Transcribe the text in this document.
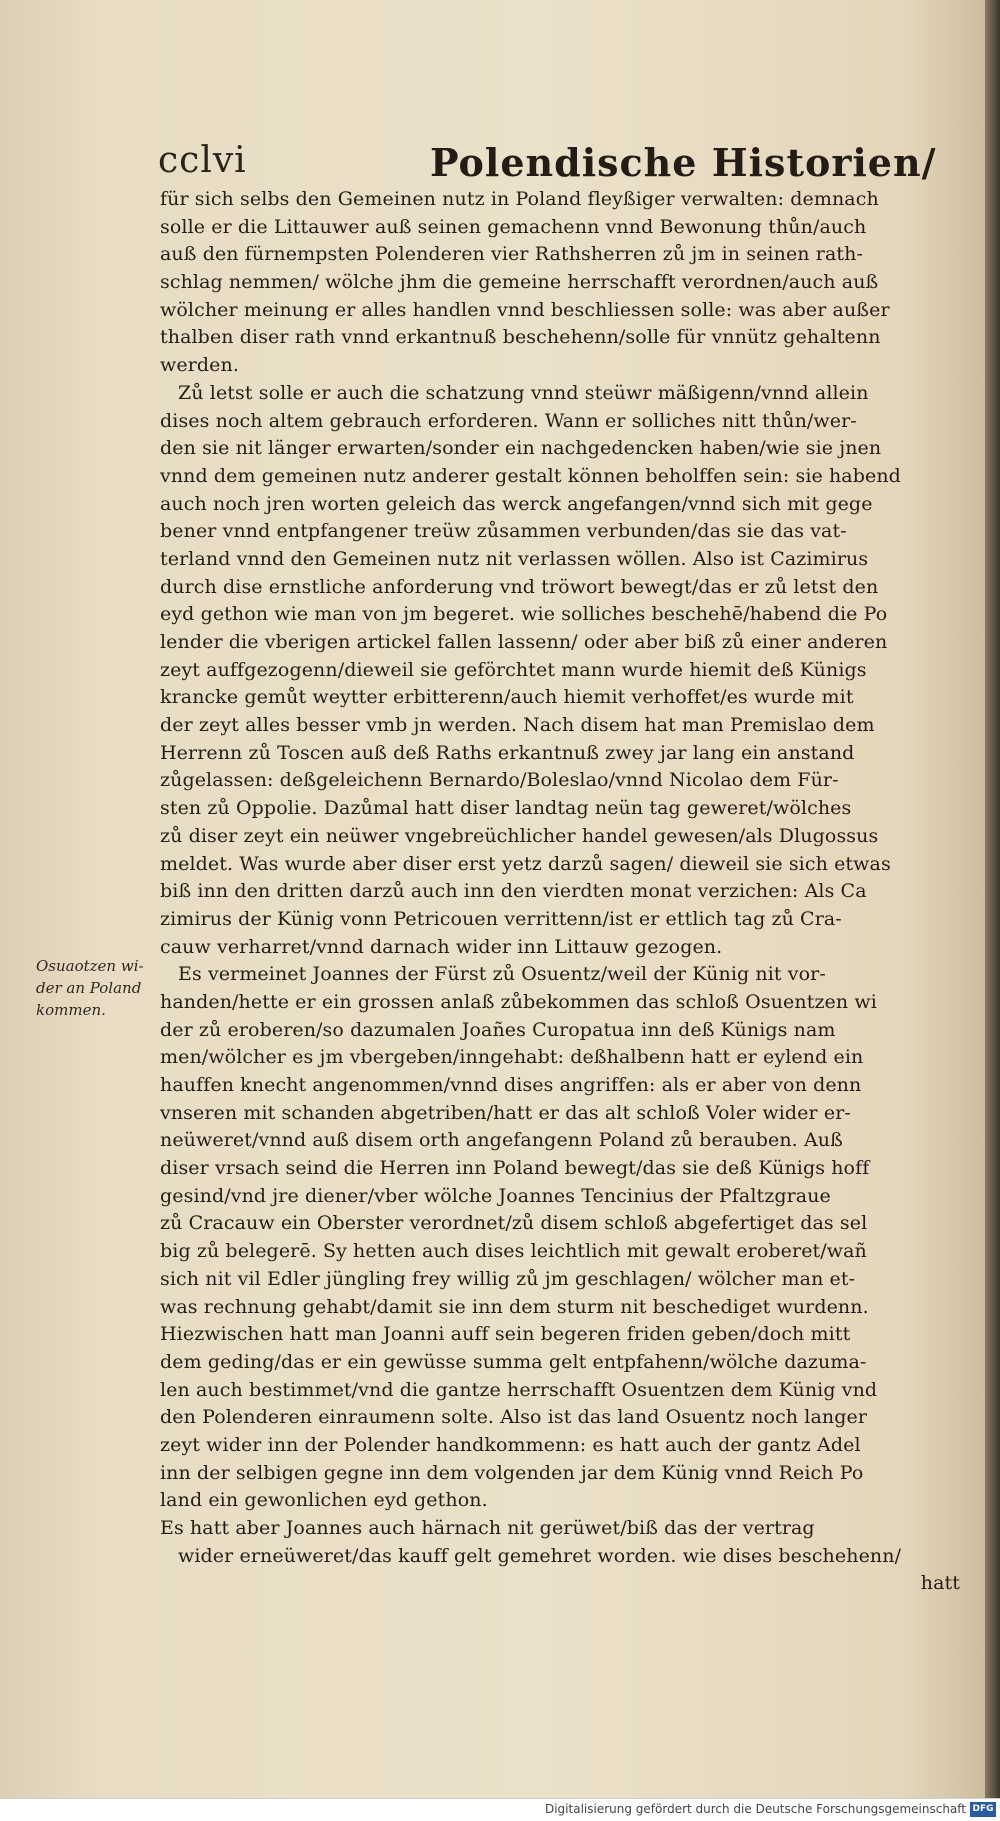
cclvi	Polendische Historien/
Osuaotzen wi-
der an Poland
kommen.
für sich selbs den Gemeinen nutz in Poland fleyßiger verwalten: demnach
solle er die Littauwer auß seinen gemachenn vnnd Bewonung thůn/auch
auß den fürnempsten Polenderen vier Rathsherren zů jm in seinen rath-
schlag nemmen/ wölche jhm die gemeine herrschafft verordnen/auch auß
wölcher meinung er alles handlen vnnd beschliessen solle: was aber außer
thalben diser rath vnnd erkantnuß beschehenn/solle für vnnütz gehaltenn
werden.
Zů letst solle er auch die schatzung vnnd steüwr mäßigenn/vnnd allein
dises noch altem gebrauch erforderen. Wann er solliches nitt thůn/wer-
den sie nit länger erwarten/sonder ein nachgedencken haben/wie sie jnen
vnnd dem gemeinen nutz anderer gestalt können beholffen sein: sie habend
auch noch jren worten geleich das werck angefangen/vnnd sich mit gege
bener vnnd entpfangener treüw zůsammen verbunden/das sie das vat-
terland vnnd den Gemeinen nutz nit verlassen wöllen. Also ist Cazimirus
durch dise ernstliche anforderung vnd tröwort bewegt/das er zů letst den
eyd gethon wie man von jm begeret. wie solliches beschehē/habend die Po
lender die vberigen artickel fallen lassenn/ oder aber biß zů einer anderen
zeyt auffgezogenn/dieweil sie geförchtet mann wurde hiemit deß Künigs
krancke gemůt weytter erbitterenn/auch hiemit verhoffet/es wurde mit
der zeyt alles besser vmb jn werden. Nach disem hat man Premislao dem
Herrenn zů Toscen auß deß Raths erkantnuß zwey jar lang ein anstand
zůgelassen: deßgeleichenn Bernardo/Boleslao/vnnd Nicolao dem Für-
sten zů Oppolie. Dazůmal hatt diser landtag neün tag geweret/wölches
zů diser zeyt ein neüwer vngebreüchlicher handel gewesen/als Dlugossus
meldet. Was wurde aber diser erst yetz darzů sagen/ dieweil sie sich etwas
biß inn den dritten darzů auch inn den vierdten monat verzichen: Als Ca
zimirus der Künig vonn Petricouen verrittenn/ist er ettlich tag zů Cra-
cauw verharret/vnnd darnach wider inn Littauw gezogen.
Es vermeinet Joannes der Fürst zů Osuentz/weil der Künig nit vor-
handen/hette er ein grossen anlaß zůbekommen das schloß Osuentzen wi
der zů eroberen/so dazumalen Joañes Curopatua inn deß Künigs nam
men/wölcher es jm vbergeben/inngehabt: deßhalbenn hatt er eylend ein
hauffen knecht angenommen/vnnd dises angriffen: als er aber von denn
vnseren mit schanden abgetriben/hatt er das alt schloß Voler wider er-
neüweret/vnnd auß disem orth angefangenn Poland zů berauben. Auß
diser vrsach seind die Herren inn Poland bewegt/das sie deß Künigs hoff
gesind/vnd jre diener/vber wölche Joannes Tencinius der Pfaltzgraue
zů Cracauw ein Oberster verordnet/zů disem schloß abgefertiget das sel
big zů belegerē. Sy hetten auch dises leichtlich mit gewalt eroberet/wañ
sich nit vil Edler jüngling frey willig zů jm geschlagen/ wölcher man et-
was rechnung gehabt/damit sie inn dem sturm nit beschediget wurdenn.
Hiezwischen hatt man Joanni auff sein begeren friden geben/doch mitt
dem geding/das er ein gewüsse summa gelt entpfahenn/wölche dazuma-
len auch bestimmet/vnd die gantze herrschafft Osuentzen dem Künig vnd
den Polenderen einraumenn solte. Also ist das land Osuentz noch langer
zeyt wider inn der Polender handkommenn: es hatt auch der gantz Adel
inn der selbigen gegne inn dem volgenden jar dem Künig vnnd Reich Po
land ein gewonlichen eyd gethon.
Es hatt aber Joannes auch härnach nit gerüwet/biß das der vertrag
wider erneüweret/das kauff gelt gemehret worden. wie dises beschehenn/
hatt
Digitalisierung gefördert durch die Deutsche Forschungsgemeinschaft DFG
